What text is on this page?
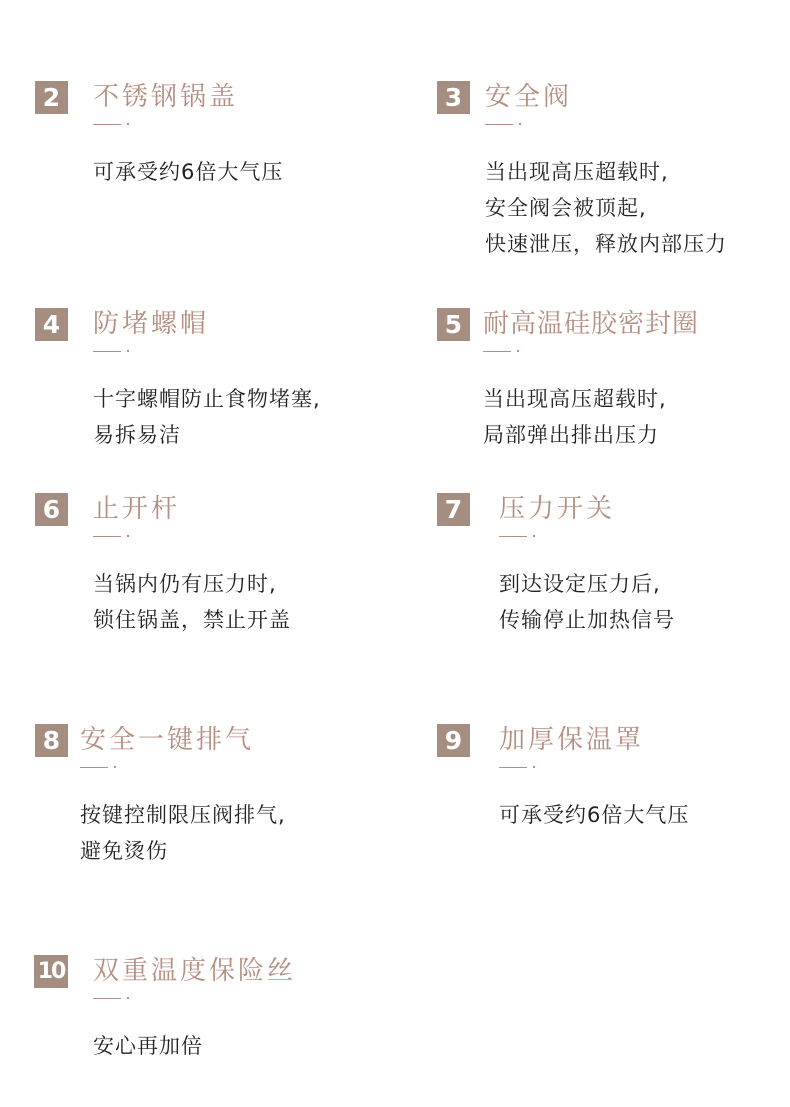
2 不锈钢锅盖

可承受约6倍大气压

3 安全阀

当出现高压超载时,

安全阀会被顶起,

快速泄压，释放内部压力

4 防堵螺帽

十字螺帽防止食物堵塞,

易拆易洁

5 耐高温硅胶密封圈

当出现高压超载时,

局部弹出排出压力

6 止开杆

当锅内仍有压力时,

锁住锅盖，禁止开盖

7 压力开关

到达设定压力后,

传输停止加热信号

8 安全一键排气

按键控制限压阀排气,

避免烫伤

9 加厚保温罩

可承受约6倍大气压

10 双重温度保险丝

安心再加倍
